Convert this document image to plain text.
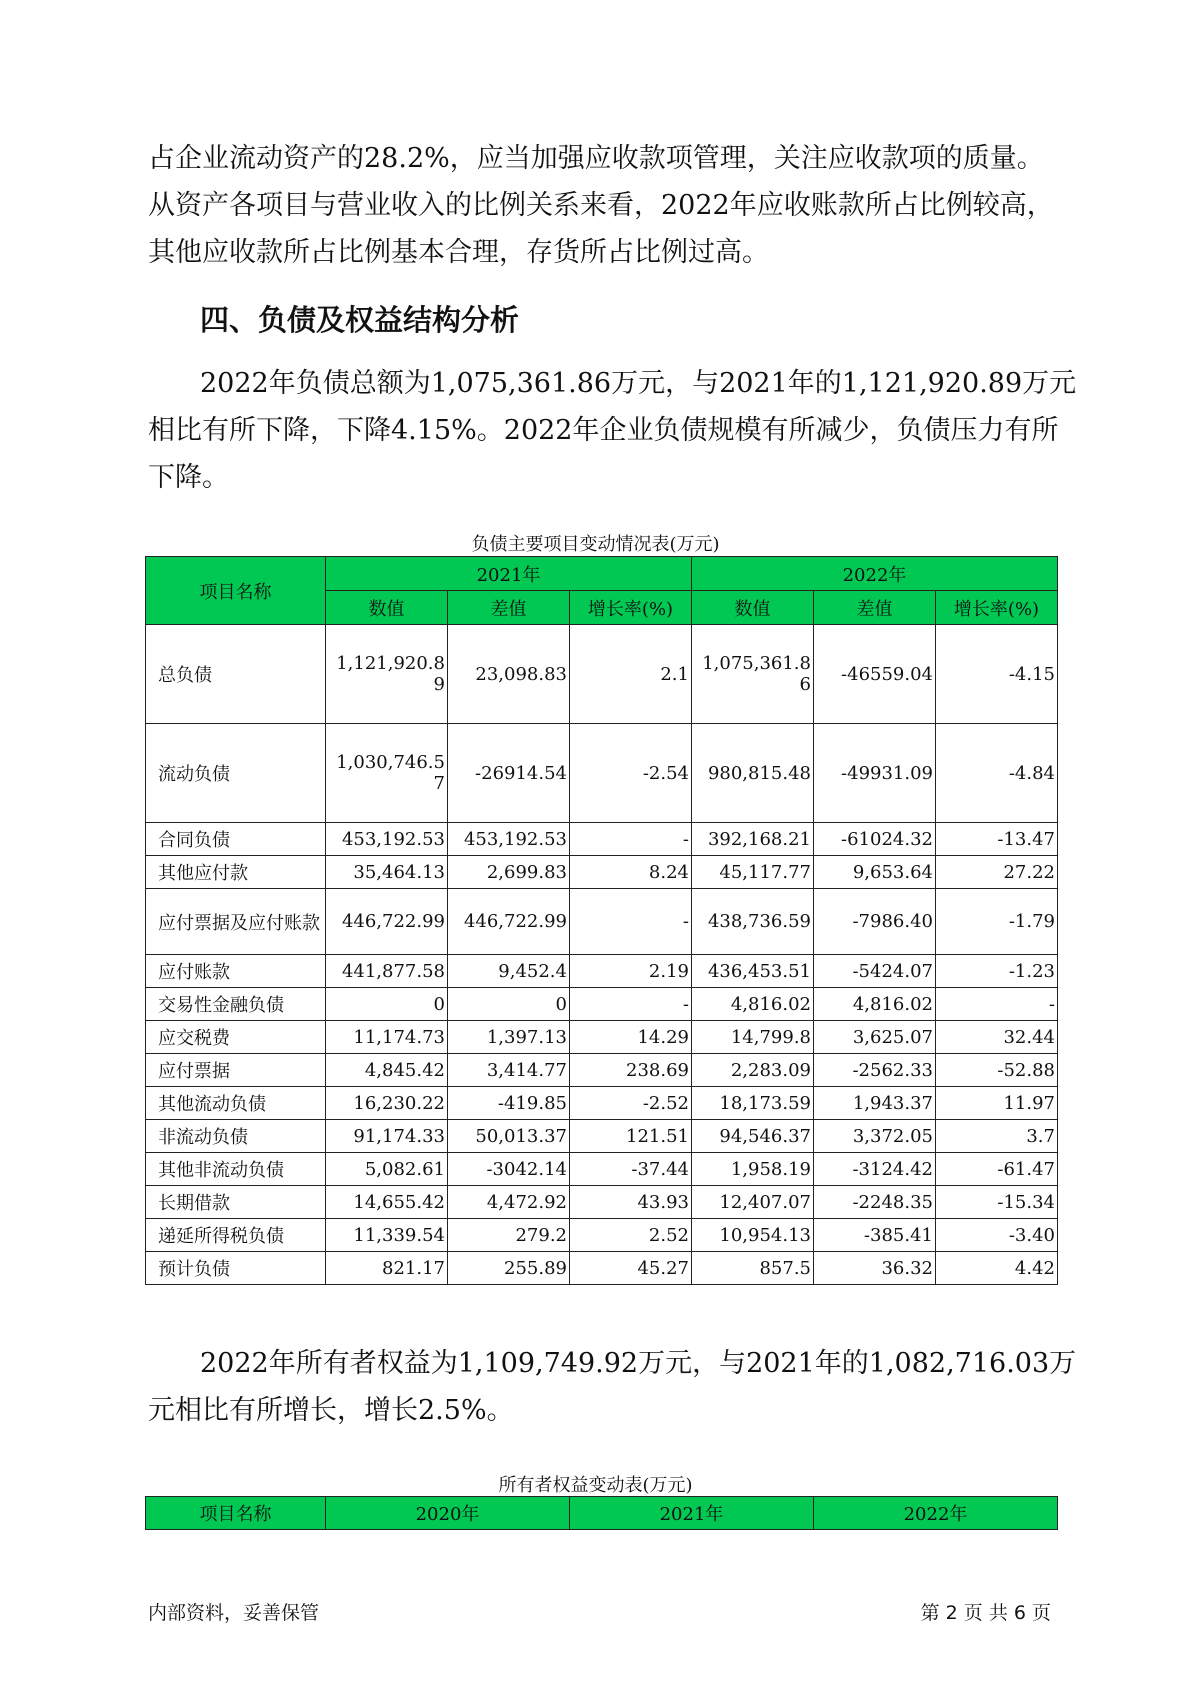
占企业流动资产的28.2%，应当加强应收款项管理，关注应收款项的质量。
从资产各项目与营业收入的比例关系来看，2022年应收账款所占比例较高，
其他应收款所占比例基本合理，存货所占比例过高。

四、负债及权益结构分析

2022年负债总额为1,075,361.86万元，与2021年的1,121,920.89万元
相比有所下降，下降4.15%。2022年企业负债规模有所减少，负债压力有所
下降。

负债主要项目变动情况表(万元)
项目名称	2021年			2022年		
	数值	差值	增长率(%)	数值	差值	增长率(%)
总负债	1,121,920.89	23,098.83	2.1	1,075,361.86	-46559.04	-4.15
流动负债	1,030,746.57	-26914.54	-2.54	980,815.48	-49931.09	-4.84
合同负债	453,192.53	453,192.53	-	392,168.21	-61024.32	-13.47
其他应付款	35,464.13	2,699.83	8.24	45,117.77	9,653.64	27.22
应付票据及应付账款	446,722.99	446,722.99	-	438,736.59	-7986.40	-1.79
应付账款	441,877.58	9,452.4	2.19	436,453.51	-5424.07	-1.23
交易性金融负债	0	0	-	4,816.02	4,816.02	-
应交税费	11,174.73	1,397.13	14.29	14,799.8	3,625.07	32.44
应付票据	4,845.42	3,414.77	238.69	2,283.09	-2562.33	-52.88
其他流动负债	16,230.22	-419.85	-2.52	18,173.59	1,943.37	11.97
非流动负债	91,174.33	50,013.37	121.51	94,546.37	3,372.05	3.7
其他非流动负债	5,082.61	-3042.14	-37.44	1,958.19	-3124.42	-61.47
长期借款	14,655.42	4,472.92	43.93	12,407.07	-2248.35	-15.34
递延所得税负债	11,339.54	279.2	2.52	10,954.13	-385.41	-3.40
预计负债	821.17	255.89	45.27	857.5	36.32	4.42

2022年所有者权益为1,109,749.92万元，与2021年的1,082,716.03万
元相比有所增长，增长2.5%。

所有者权益变动表(万元)
项目名称	2020年	2021年	2022年
内部资料，妥善保管	第 2 页 共 6 页
